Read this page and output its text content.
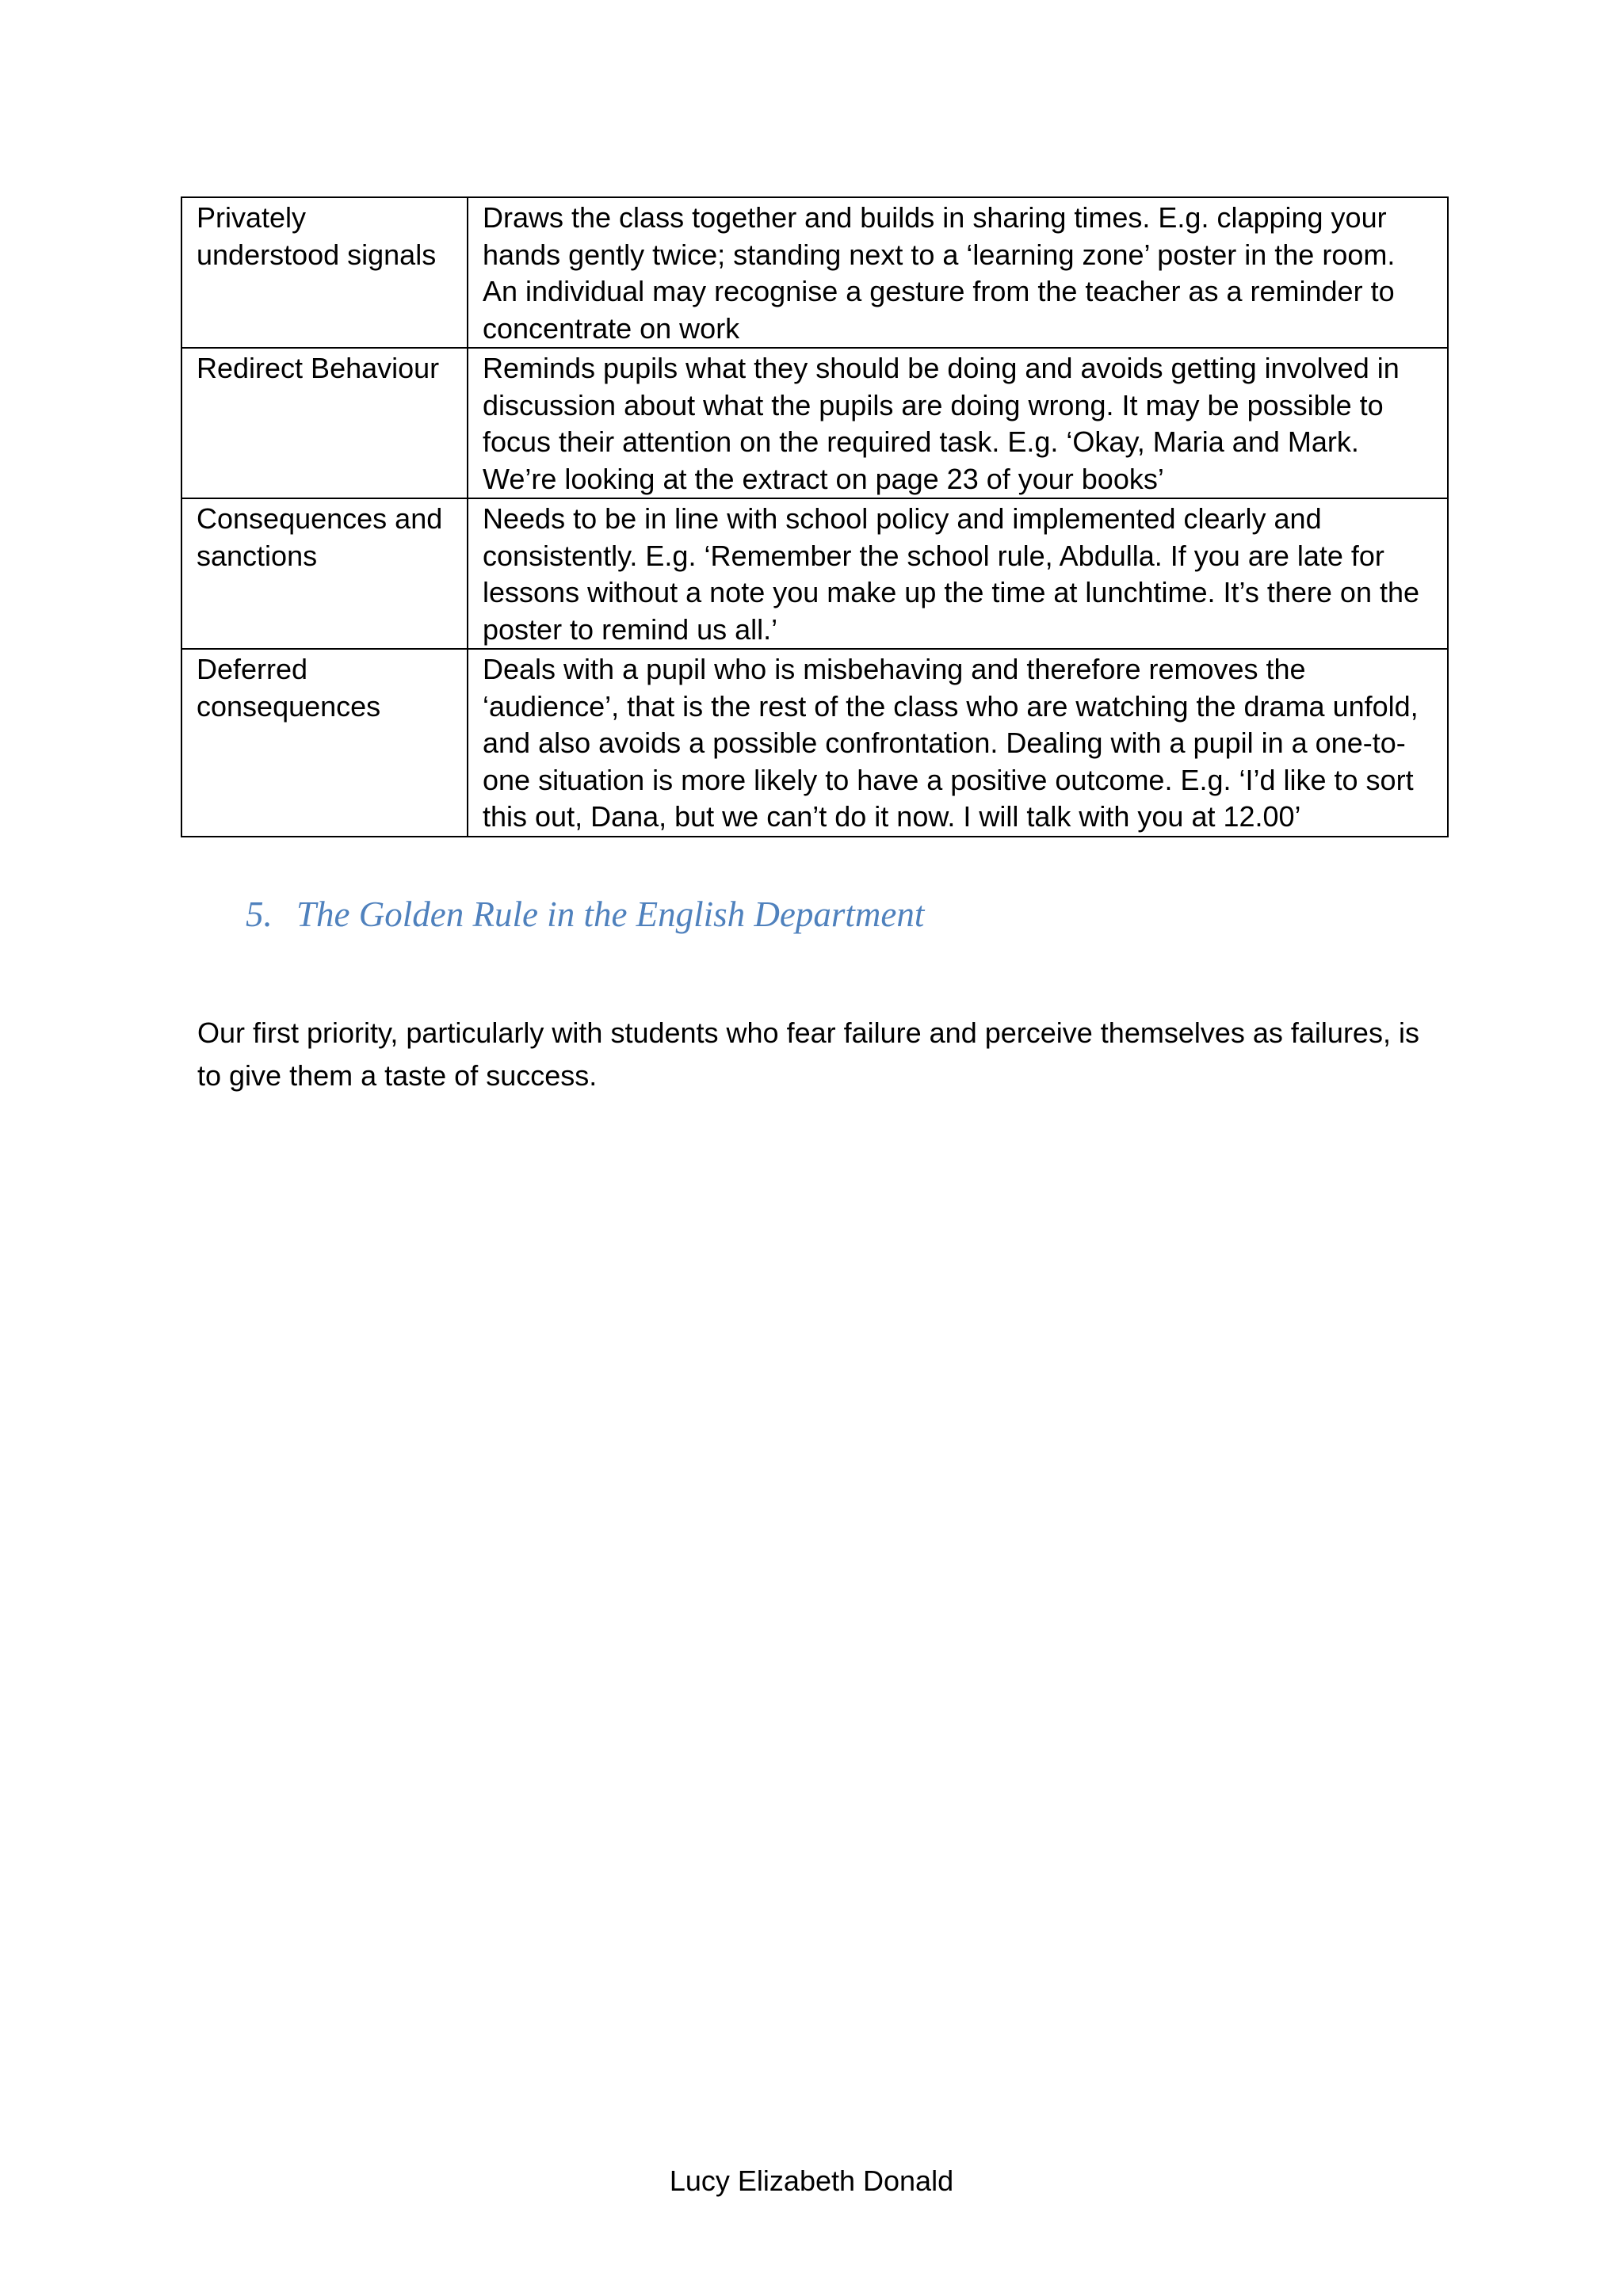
Privately understood signals	Draws the class together and builds in sharing times. E.g. clapping your hands gently twice; standing next to a ‘learning zone’ poster in the room. An individual may recognise a gesture from the teacher as a reminder to concentrate on work
Redirect Behaviour	Reminds pupils what they should be doing and avoids getting involved in discussion about what the pupils are doing wrong. It may be possible to focus their attention on the required task. E.g. ‘Okay, Maria and Mark. We’re looking at the extract on page 23 of your books’
Consequences and sanctions	Needs to be in line with school policy and implemented clearly and consistently. E.g. ‘Remember the school rule, Abdulla. If you are late for lessons without a note you make up the time at lunchtime. It’s there on the poster to remind us all.’
Deferred consequences	Deals with a pupil who is misbehaving and therefore removes the ‘audience’, that is the rest of the class who are watching the drama unfold, and also avoids a possible confrontation. Dealing with a pupil in a one-to-one situation is more likely to have a positive outcome. E.g. ‘I’d like to sort this out, Dana, but we can’t do it now. I will talk with you at 12.00’
5. The Golden Rule in the English Department

Our first priority, particularly with students who fear failure and perceive themselves as failures, is to give them a taste of success.

Lucy Elizabeth Donald
